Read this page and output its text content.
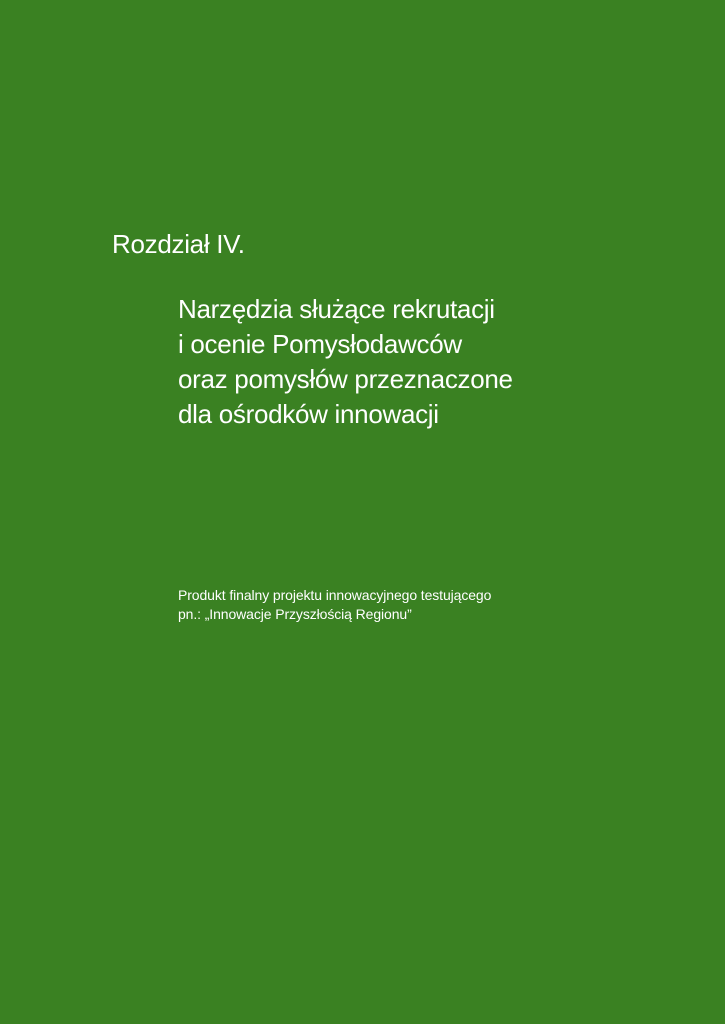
Rozdział IV.
Narzędzia służące rekrutacji
i ocenie Pomysłodawców
oraz pomysłów przeznaczone
dla ośrodków innowacji
Produkt finalny projektu innowacyjnego testującego
pn.: „Innowacje Przyszłością Regionu”
